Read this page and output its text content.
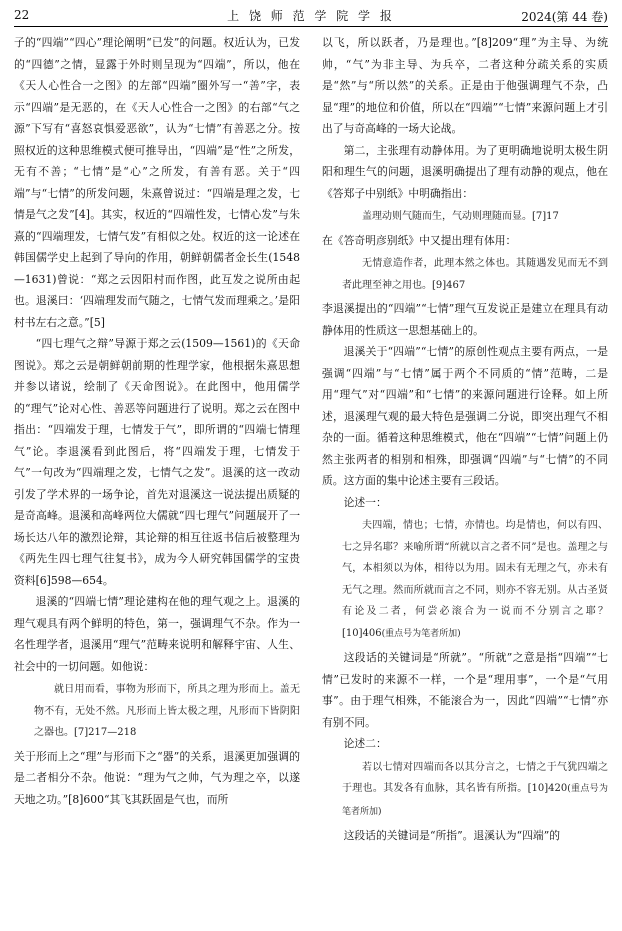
22	上 饶 师 范 学 院 学 报	2024(第 44 卷)

子的“四端”“四心”理论阐明“已发”的问题。权近认为，已发的“四德”之情，显露于外时则呈现为“四端”，所以，他在《天人心性合一之图》的左部“四端”圈外写一“善”字，表示“四端”是无恶的，在《天人心性合一之图》的右部“气之源”下写有“喜怒哀惧爱恶欲”，认为“七情”有善恶之分。按照权近的这种思维模式便可推导出，“四端”是“性”之所发，无有不善；“七情”是“心”之所发，有善有恶。关于“四端”与“七情”的所发问题，朱熹曾说过：“四端是理之发，七情是气之发”[4]。其实，权近的“四端性发，七情心发”与朱熹的“四端理发，七情气发”有相似之处。权近的这一论述在韩国儒学史上起到了导向的作用，朝鲜朝儒者金长生(1548—1631)曾说：“郑之云因阳村而作图，此互发之说所由起也。退溪曰：‘四端理发而气随之，七情气发而理乘之。’是阳村书左右之意。”[5]

“四七理气之辩”导源于郑之云(1509—1561)的《天命图说》。郑之云是朝鲜朝前期的性理学家，他根据朱熹思想并参以诸说，绘制了《天命图说》。在此图中，他用儒学的“理气”论对心性、善恶等问题进行了说明。郑之云在图中指出：“四端发于理，七情发于气”，即所谓的“四端七情理气”论。李退溪看到此图后，将“四端发于理，七情发于气”一句改为“四端理之发，七情气之发”。退溪的这一改动引发了学术界的一场争论，首先对退溪这一说法提出质疑的是奇高峰。退溪和高峰两位大儒就“四七理气”问题展开了一场长达八年的激烈论辩，其论辩的相互往返书信后被整理为《两先生四七理气往复书》，成为今人研究韩国儒学的宝贵资料[6]598—654。

退溪的“四端七情”理论建构在他的理气观之上。退溪的理气观具有两个鲜明的特色，第一，强调理气不杂。作为一名性理学者，退溪用“理气”范畴来说明和解释宇宙、人生、社会中的一切问题。如他说：

就日用而看，事物为形而下，所具之理为形而上。盖无物不有，无处不然。凡形而上皆太极之理，凡形而下皆阴阳之器也。[7]217—218

关于形而上之“理”与形而下之“器”的关系，退溪更加强调的是二者相分不杂。他说：“理为气之帅，气为理之卒，以遂天地之功。”[8]600“其飞其跃固是气也，而所

以飞，所以跃者，乃是理也。”[8]209“理”为主导、为统帅，“气”为非主导、为兵卒，二者这种分疏关系的实质是“然”与“所以然”的关系。正是由于他强调理气不杂，凸显“理”的地位和价值，所以在“四端”“七情”来源问题上才引出了与奇高峰的一场大论战。

第二，主张理有动静体用。为了更明确地说明太极生阴阳和理生气的问题，退溪明确提出了理有动静的观点，他在《答郑子中别纸》中明确指出：

盖理动则气随而生，气动则理随而显。[7]17

在《答奇明彦别纸》中又提出理有体用：

无情意造作者，此理本然之体也。其随遇发见而无不到者此理至神之用也。[9]467

李退溪提出的“四端”“七情”理气互发说正是建立在理具有动静体用的性质这一思想基础上的。

退溪关于“四端”“七情”的原创性观点主要有两点，一是强调“四端”与“七情”属于两个不同质的“情”范畴，二是用“理气”对“四端”和“七情”的来源问题进行诠释。如上所述，退溪理气观的最大特色是强调二分说，即突出理气不相杂的一面。循着这种思维模式，他在“四端”“七情”问题上仍然主张两者的相别和相殊，即强调“四端”与“七情”的不同质。这方面的集中论述主要有三段话。

论述一：

夫四端，情也；七情，亦情也。均是情也，何以有四、七之异名耶？来喻所谓“所就以言之者不同”是也。盖理之与气，本相须以为体，相待以为用。固未有无理之气，亦未有无气之理。然而所就而言之不同，则亦不容无别。从古圣贤有论及二者，何尝必滚合为一说而不分别言之耶？[10]406(重点号为笔者所加)

这段话的关键词是“所就”。“所就”之意是指“四端”“七情”已发时的来源不一样，一个是“理用事”，一个是“气用事”。由于理气相殊，不能滚合为一，因此“四端”“七情”亦有别不同。

论述二：

若以七情对四端而各以其分言之，七情之于气犹四端之于理也。其发各有血脉，其名皆有所指。[10]420(重点号为笔者所加)

这段话的关键词是“所指”。退溪认为“四端”的
